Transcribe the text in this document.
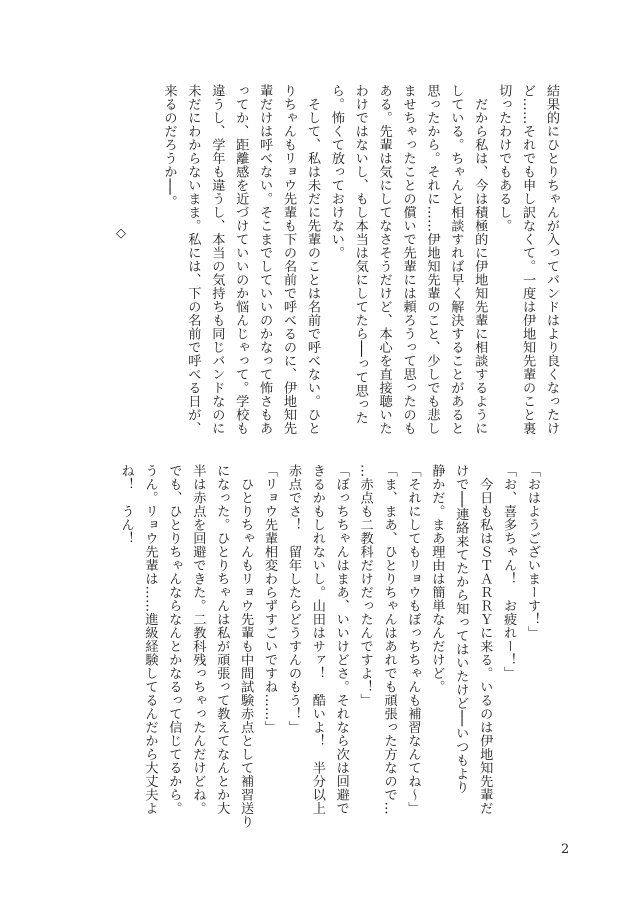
結果的にひとりちゃんが入ってバンドはより良くなったけ
ど……それでも申し訳なくて。一度は伊地知先輩のこと裏
切ったわけでもあるし。
　だから私は、今は積極的に伊地知先輩に相談するように
している。ちゃんと相談すれば早く解決することがあると
思ったから。それに……伊地知先輩のこと、少しでも悲し
ませちゃったことの償いで先輩には頼ろうって思ったのも
ある。先輩は気にしてなさそうだけど、本心を直接聴いた
わけではないし、もし本当は気にしてたら──って思った
ら。怖くて放っておけない。
　そして、私は未だに先輩のことは名前で呼べない。ひと
りちゃんもリョウ先輩も下の名前で呼べるのに、伊地知先
輩だけは呼べない。そこまでしていいのかなって怖さもあ
ってか、距離感を近づけていいのか悩んじゃって。学校も
違うし、学年も違うし、本当の気持ちも同じバンドなのに
未だにわからないまま。私には、下の名前で呼べる日が、
来るのだろうか──。
◇
「おはようございまーす！」
「お、喜多ちゃん！　お疲れー！」
　今日も私はＳＴＡＲＲＹに来る。いるのは伊地知先輩だ
けで──連絡来てたから知ってはいたけど──いつもより
静かだ。まあ理由は簡単なんだけど。
「それにしてもリョウもぼっちちゃんも補習なんてね～」
「ま、まあ、ひとりちゃんはあれでも頑張った方なので…
…赤点も二教科だけだったんですよ！」
「ぼっちちゃんはまあ、いいけどさ。それなら次は回避で
きるかもしれないし。山田はサァ！　酷いよ！　半分以上
赤点でさ！　留年したらどうすんのもう！」
「リョウ先輩相変わらずすごいですね……」
　ひとりちゃんもリョウ先輩も中間試験赤点として補習送り
になった。ひとりちゃんは私が頑張って教えてなんとか大
半は赤点を回避できた。二教科残っちゃったんだけどね。
でも、ひとりちゃんならなんとかなるって信じてるから。
うん。リョウ先輩は……進級経験してるんだから大丈夫よ
ね！　うん！
2
